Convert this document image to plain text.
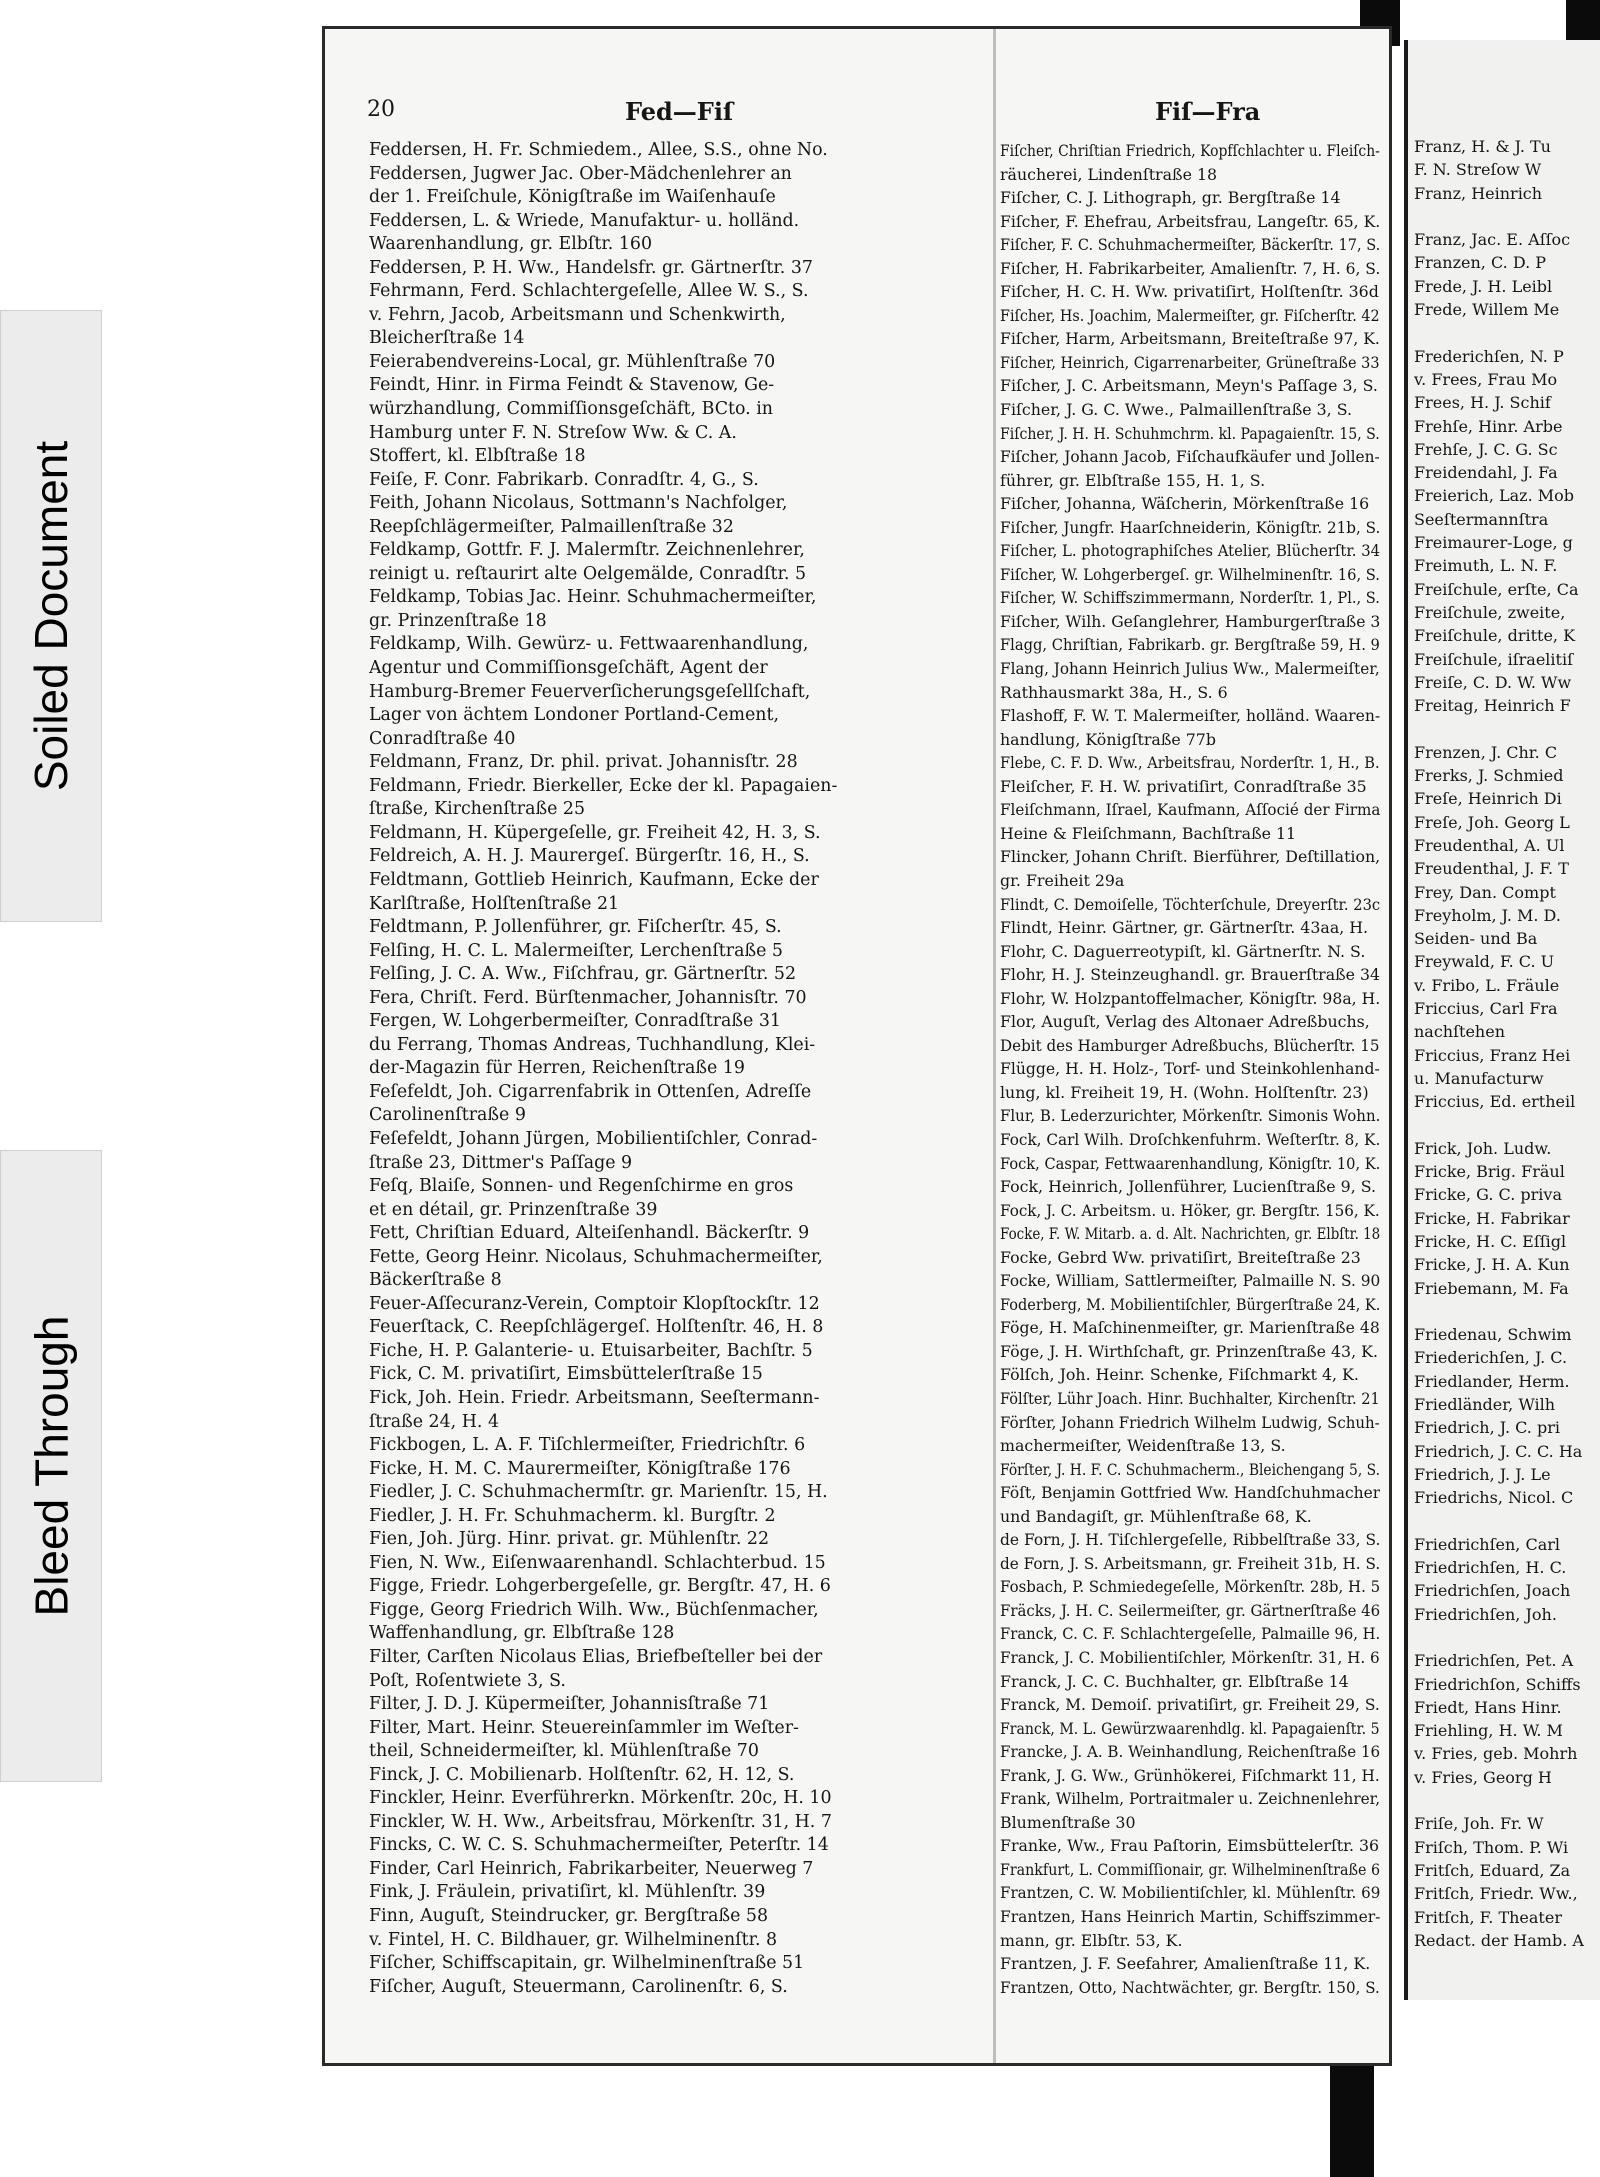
Soiled Document
Bleed Through
20	Fed—Fiſ	Fiſ—Fra
Feddersen, H. Fr. Schmiedem., Allee, S.S., ohne No.
Feddersen, Jugwer Jac. Ober-Mädchenlehrer an
der 1. Freiſchule, Königſtraße im Waiſenhauſe
Feddersen, L. & Wriede, Manufaktur- u. holländ.
Waarenhandlung, gr. Elbſtr. 160
Feddersen, P. H. Ww., Handelsfr. gr. Gärtnerſtr. 37
Fehrmann, Ferd. Schlachtergeſelle, Allee W. S., S.
v. Fehrn, Jacob, Arbeitsmann und Schenkwirth,
Bleicherſtraße 14
Feierabendvereins-Local, gr. Mühlenſtraße 70
Feindt, Hinr. in Firma Feindt & Stavenow, Ge-
würzhandlung, Commiſſionsgeſchäft, BCto. in
Hamburg unter F. N. Streſow Ww. & C. A.
Stoffert, kl. Elbſtraße 18
Feiſe, F. Conr. Fabrikarb. Conradſtr. 4, G., S.
Feith, Johann Nicolaus, Sottmann's Nachfolger,
Reepſchlägermeiſter, Palmaillenſtraße 32
Feldkamp, Gottfr. F. J. Malermſtr. Zeichnenlehrer,
reinigt u. reſtaurirt alte Oelgemälde, Conradſtr. 5
Feldkamp, Tobias Jac. Heinr. Schuhmachermeiſter,
gr. Prinzenſtraße 18
Feldkamp, Wilh. Gewürz- u. Fettwaarenhandlung,
Agentur und Commiſſionsgeſchäft, Agent der
Hamburg-Bremer Feuerverſicherungsgeſellſchaft,
Lager von ächtem Londoner Portland-Cement,
Conradſtraße 40
Feldmann, Franz, Dr. phil. privat. Johannisſtr. 28
Feldmann, Friedr. Bierkeller, Ecke der kl. Papagaien-
ſtraße, Kirchenſtraße 25
Feldmann, H. Küpergeſelle, gr. Freiheit 42, H. 3, S.
Feldreich, A. H. J. Maurergeſ. Bürgerſtr. 16, H., S.
Feldtmann, Gottlieb Heinrich, Kaufmann, Ecke der
Karlſtraße, Holſtenſtraße 21
Feldtmann, P. Jollenführer, gr. Fiſcherſtr. 45, S.
Felſing, H. C. L. Malermeiſter, Lerchenſtraße 5
Felſing, J. C. A. Ww., Fiſchfrau, gr. Gärtnerſtr. 52
Fera, Chriſt. Ferd. Bürſtenmacher, Johannisſtr. 70
Fergen, W. Lohgerbermeiſter, Conradſtraße 31
du Ferrang, Thomas Andreas, Tuchhandlung, Klei-
der-Magazin für Herren, Reichenſtraße 19
Feſefeldt, Joh. Cigarrenfabrik in Ottenſen, Adreſſe
Carolinenſtraße 9
Feſefeldt, Johann Jürgen, Mobilientiſchler, Conrad-
ſtraße 23, Dittmer's Paſſage 9
Feſq, Blaiſe, Sonnen- und Regenſchirme en gros
et en détail, gr. Prinzenſtraße 39
Fett, Chriſtian Eduard, Alteiſenhandl. Bäckerſtr. 9
Fette, Georg Heinr. Nicolaus, Schuhmachermeiſter,
Bäckerſtraße 8
Feuer-Aſſecuranz-Verein, Comptoir Klopſtockſtr. 12
Feuerſtack, C. Reepſchlägergeſ. Holſtenſtr. 46, H. 8
Fiche, H. P. Galanterie- u. Etuisarbeiter, Bachſtr. 5
Fick, C. M. privatiſirt, Eimsbüttelerſtraße 15
Fick, Joh. Hein. Friedr. Arbeitsmann, Seeſtermann-
ſtraße 24, H. 4
Fickbogen, L. A. F. Tiſchlermeiſter, Friedrichſtr. 6
Ficke, H. M. C. Maurermeiſter, Königſtraße 176
Fiedler, J. C. Schuhmachermſtr. gr. Marienſtr. 15, H.
Fiedler, J. H. Fr. Schuhmacherm. kl. Burgſtr. 2
Fien, Joh. Jürg. Hinr. privat. gr. Mühlenſtr. 22
Fien, N. Ww., Eiſenwaarenhandl. Schlachterbud. 15
Figge, Friedr. Lohgerbergeſelle, gr. Bergſtr. 47, H. 6
Figge, Georg Friedrich Wilh. Ww., Büchſenmacher,
Waffenhandlung, gr. Elbſtraße 128
Filter, Carſten Nicolaus Elias, Briefbeſteller bei der
Poſt, Roſentwiete 3, S.
Filter, J. D. J. Küpermeiſter, Johannisſtraße 71
Filter, Mart. Heinr. Steuereinſammler im Weſter-
theil, Schneidermeiſter, kl. Mühlenſtraße 70
Finck, J. C. Mobilienarb. Holſtenſtr. 62, H. 12, S.
Finckler, Heinr. Everführerkn. Mörkenſtr. 20c, H. 10
Finckler, W. H. Ww., Arbeitsfrau, Mörkenſtr. 31, H. 7
Fincks, C. W. C. S. Schuhmachermeiſter, Peterſtr. 14
Finder, Carl Heinrich, Fabrikarbeiter, Neuerweg 7
Fink, J. Fräulein, privatiſirt, kl. Mühlenſtr. 39
Finn, Auguſt, Steindrucker, gr. Bergſtraße 58
v. Fintel, H. C. Bildhauer, gr. Wilhelminenſtr. 8
Fiſcher, Schiffscapitain, gr. Wilhelminenſtraße 51
Fiſcher, Auguſt, Steuermann, Carolinenſtr. 6, S.
Fiſcher, Chriſtian Friedrich, Kopfſchlachter u. Fleiſch-
räucherei, Lindenſtraße 18
Fiſcher, C. J. Lithograph, gr. Bergſtraße 14
Fiſcher, F. Ehefrau, Arbeitsfrau, Langeſtr. 65, K.
Fiſcher, F. C. Schuhmachermeiſter, Bäckerſtr. 17, S.
Fiſcher, H. Fabrikarbeiter, Amalienſtr. 7, H. 6, S.
Fiſcher, H. C. H. Ww. privatiſirt, Holſtenſtr. 36d
Fiſcher, Hs. Joachim, Malermeiſter, gr. Fiſcherſtr. 42
Fiſcher, Harm, Arbeitsmann, Breiteſtraße 97, K.
Fiſcher, Heinrich, Cigarrenarbeiter, Grüneſtraße 33
Fiſcher, J. C. Arbeitsmann, Meyn's Paſſage 3, S.
Fiſcher, J. G. C. Wwe., Palmaillenſtraße 3, S.
Fiſcher, J. H. H. Schuhmchrm. kl. Papagaienſtr. 15, S.
Fiſcher, Johann Jacob, Fiſchaufkäufer und Jollen-
führer, gr. Elbſtraße 155, H. 1, S.
Fiſcher, Johanna, Wäſcherin, Mörkenſtraße 16
Fiſcher, Jungfr. Haarſchneiderin, Königſtr. 21b, S.
Fiſcher, L. photographiſches Atelier, Blücherſtr. 34
Fiſcher, W. Lohgerbergeſ. gr. Wilhelminenſtr. 16, S.
Fiſcher, W. Schiffszimmermann, Norderſtr. 1, Pl., S.
Fiſcher, Wilh. Geſanglehrer, Hamburgerſtraße 3
Flagg, Chriſtian, Fabrikarb. gr. Bergſtraße 59, H. 9
Flang, Johann Heinrich Julius Ww., Malermeiſter,
Rathhausmarkt 38a, H., S. 6
Flashoff, F. W. T. Malermeiſter, holländ. Waaren-
handlung, Königſtraße 77b
Flebe, C. F. D. Ww., Arbeitsfrau, Norderſtr. 1, H., B.
Fleiſcher, F. H. W. privatiſirt, Conradſtraße 35
Fleiſchmann, Iſrael, Kaufmann, Aſſocié der Firma
Heine & Fleiſchmann, Bachſtraße 11
Flincker, Johann Chriſt. Bierführer, Deſtillation,
gr. Freiheit 29a
Flindt, C. Demoiſelle, Töchterſchule, Dreyerſtr. 23c
Flindt, Heinr. Gärtner, gr. Gärtnerſtr. 43aa, H.
Flohr, C. Daguerreotypiſt, kl. Gärtnerſtr. N. S.
Flohr, H. J. Steinzeughandl. gr. Brauerſtraße 34
Flohr, W. Holzpantoffelmacher, Königſtr. 98a, H.
Flor, Auguſt, Verlag des Altonaer Adreßbuchs,
Debit des Hamburger Adreßbuchs, Blücherſtr. 15
Flügge, H. H. Holz-, Torf- und Steinkohlenhand-
lung, kl. Freiheit 19, H. (Wohn. Holſtenſtr. 23)
Flur, B. Lederzurichter, Mörkenſtr. Simonis Wohn.
Fock, Carl Wilh. Droſchkenfuhrm. Weſterſtr. 8, K.
Fock, Caspar, Fettwaarenhandlung, Königſtr. 10, K.
Fock, Heinrich, Jollenführer, Lucienſtraße 9, S.
Fock, J. C. Arbeitsm. u. Höker, gr. Bergſtr. 156, K.
Focke, F. W. Mitarb. a. d. Alt. Nachrichten, gr. Elbſtr. 18
Focke, Gebrd Ww. privatiſirt, Breiteſtraße 23
Focke, William, Sattlermeiſter, Palmaille N. S. 90
Foderberg, M. Mobilientiſchler, Bürgerſtraße 24, K.
Föge, H. Maſchinenmeiſter, gr. Marienſtraße 48
Föge, J. H. Wirthſchaft, gr. Prinzenſtraße 43, K.
Fölſch, Joh. Heinr. Schenke, Fiſchmarkt 4, K.
Fölſter, Lühr Joach. Hinr. Buchhalter, Kirchenſtr. 21
Förſter, Johann Friedrich Wilhelm Ludwig, Schuh-
machermeiſter, Weidenſtraße 13, S.
Förſter, J. H. F. C. Schuhmacherm., Bleichengang 5, S.
Föſt, Benjamin Gottfried Ww. Handſchuhmacher
und Bandagiſt, gr. Mühlenſtraße 68, K.
de Forn, J. H. Tiſchlergeſelle, Ribbelſtraße 33, S.
de Forn, J. S. Arbeitsmann, gr. Freiheit 31b, H. S.
Fosbach, P. Schmiedegeſelle, Mörkenſtr. 28b, H. 5
Fräcks, J. H. C. Seilermeiſter, gr. Gärtnerſtraße 46
Franck, C. C. F. Schlachtergeſelle, Palmaille 96, H.
Franck, J. C. Mobilientiſchler, Mörkenſtr. 31, H. 6
Franck, J. C. C. Buchhalter, gr. Elbſtraße 14
Franck, M. Demoiſ. privatiſirt, gr. Freiheit 29, S.
Franck, M. L. Gewürzwaarenhdlg. kl. Papagaienſtr. 5
Francke, J. A. B. Weinhandlung, Reichenſtraße 16
Frank, J. G. Ww., Grünhökerei, Fiſchmarkt 11, H.
Frank, Wilhelm, Portraitmaler u. Zeichnenlehrer,
Blumenſtraße 30
Franke, Ww., Frau Paſtorin, Eimsbüttelerſtr. 36
Frankfurt, L. Commiſſionair, gr. Wilhelminenſtraße 6
Frantzen, C. W. Mobilientiſchler, kl. Mühlenſtr. 69
Frantzen, Hans Heinrich Martin, Schiffszimmer-
mann, gr. Elbſtr. 53, K.
Frantzen, J. F. Seefahrer, Amalienſtraße 11, K.
Frantzen, Otto, Nachtwächter, gr. Bergſtr. 150, S.
Franz, H. & J. Tu
F. N. Streſow W
Franz, Heinrich

Franz, Jac. E. Aſſoc
Franzen, C. D. P
Frede, J. H. Leibl
Frede, Willem Me

Frederichſen, N. P
v. Frees, Frau Mo
Frees, H. J. Schif
Frehſe, Hinr. Arbe
Frehſe, J. C. G. Sc
Freidendahl, J. Fa
Freierich, Laz. Mob
Seeſtermannſtra
Freimaurer-Loge, g
Freimuth, L. N. F.
Freiſchule, erſte, Ca
Freiſchule, zweite,
Freiſchule, dritte, K
Freiſchule, iſraelitiſ
Freiſe, C. D. W. Ww
Freitag, Heinrich F

Frenzen, J. Chr. C
Frerks, J. Schmied
Freſe, Heinrich Di
Freſe, Joh. Georg L
Freudenthal, A. Ul
Freudenthal, J. F. T
Frey, Dan. Compt
Freyholm, J. M. D.
Seiden- und Ba
Freywald, F. C. U
v. Fribo, L. Fräule
Friccius, Carl Fra
nachſtehen
Friccius, Franz Hei
u. Manufacturw
Friccius, Ed. ertheil

Frick, Joh. Ludw.
Fricke, Brig. Fräul
Fricke, G. C. priva
Fricke, H. Fabrikar
Fricke, H. C. Eſſigl
Fricke, J. H. A. Kun
Friebemann, M. Fa

Friedenau, Schwim
Friederichſen, J. C.
Friedlander, Herm.
Friedländer, Wilh
Friedrich, J. C. pri
Friedrich, J. C. C. Ha
Friedrich, J. J. Le
Friedrichs, Nicol. C

Friedrichſen, Carl
Friedrichſen, H. C.
Friedrichſen, Joach
Friedrichſen, Joh.

Friedrichſen, Pet. A
Friedrichſon, Schiffs
Friedt, Hans Hinr.
Friehling, H. W. M
v. Fries, geb. Mohrh
v. Fries, Georg H

Friſe, Joh. Fr. W
Friſch, Thom. P. Wi
Fritſch, Eduard, Za
Fritſch, Friedr. Ww.,
Fritſch, F. Theater
Redact. der Hamb. A
